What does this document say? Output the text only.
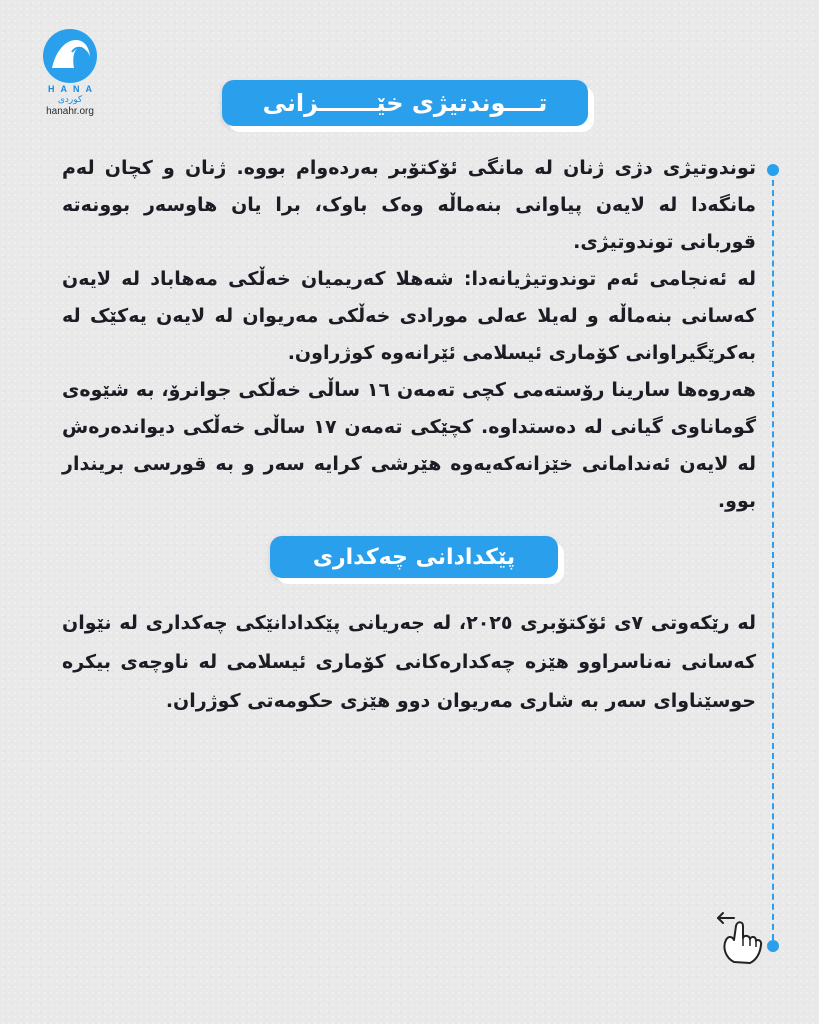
HANA
کوردی
hanahr.org	تــــوندتیژی خێـــــــزانی
توندوتیژی دژی ژنان لە مانگی ئۆکتۆبر بەردەوام بووە. ژنان و کچان لەم مانگەدا لە لایەن پیاوانی بنەماڵە وەک باوک، برا یان هاوسەر بوونەتە قوربانی توندوتیژی.
لە ئەنجامی ئەم توندوتیژیانەدا: شەهلا کەریمیان خەڵکی مەهاباد لە لایەن کەسانی بنەماڵە و لەیلا عەلی مورادی خەڵکی مەریوان لە لایەن یەکێک لە بەکرێگیراوانی کۆماری ئیسلامی ئێرانەوە کوژراون.
هەروەها سارینا رۆستەمی کچی تەمەن ١٦ ساڵی خەڵکی جوانرۆ، بە شێوەی گوماناوی گیانی لە دەستداوە. کچێکی تەمەن ١٧ ساڵی خەڵکی دیواندەرەش لە لایەن ئەندامانی خێزانەکەیەوە هێرشی کرایە سەر و بە قورسی بریندار بوو.
پێکدادانی چەکداری

لە رێکەوتی ٧ی ئۆکتۆبری ٢٠٢٥، لە جەریانی پێکدادانێکی چەکداری لە نێوان کەسانی نەناسراوو هێزە چەکدارەکانی کۆماری ئیسلامی لە ناوچەی بیکرە حوسێناوای سەر بە شاری مەریوان دوو هێزی حکومەتی کوژران.
